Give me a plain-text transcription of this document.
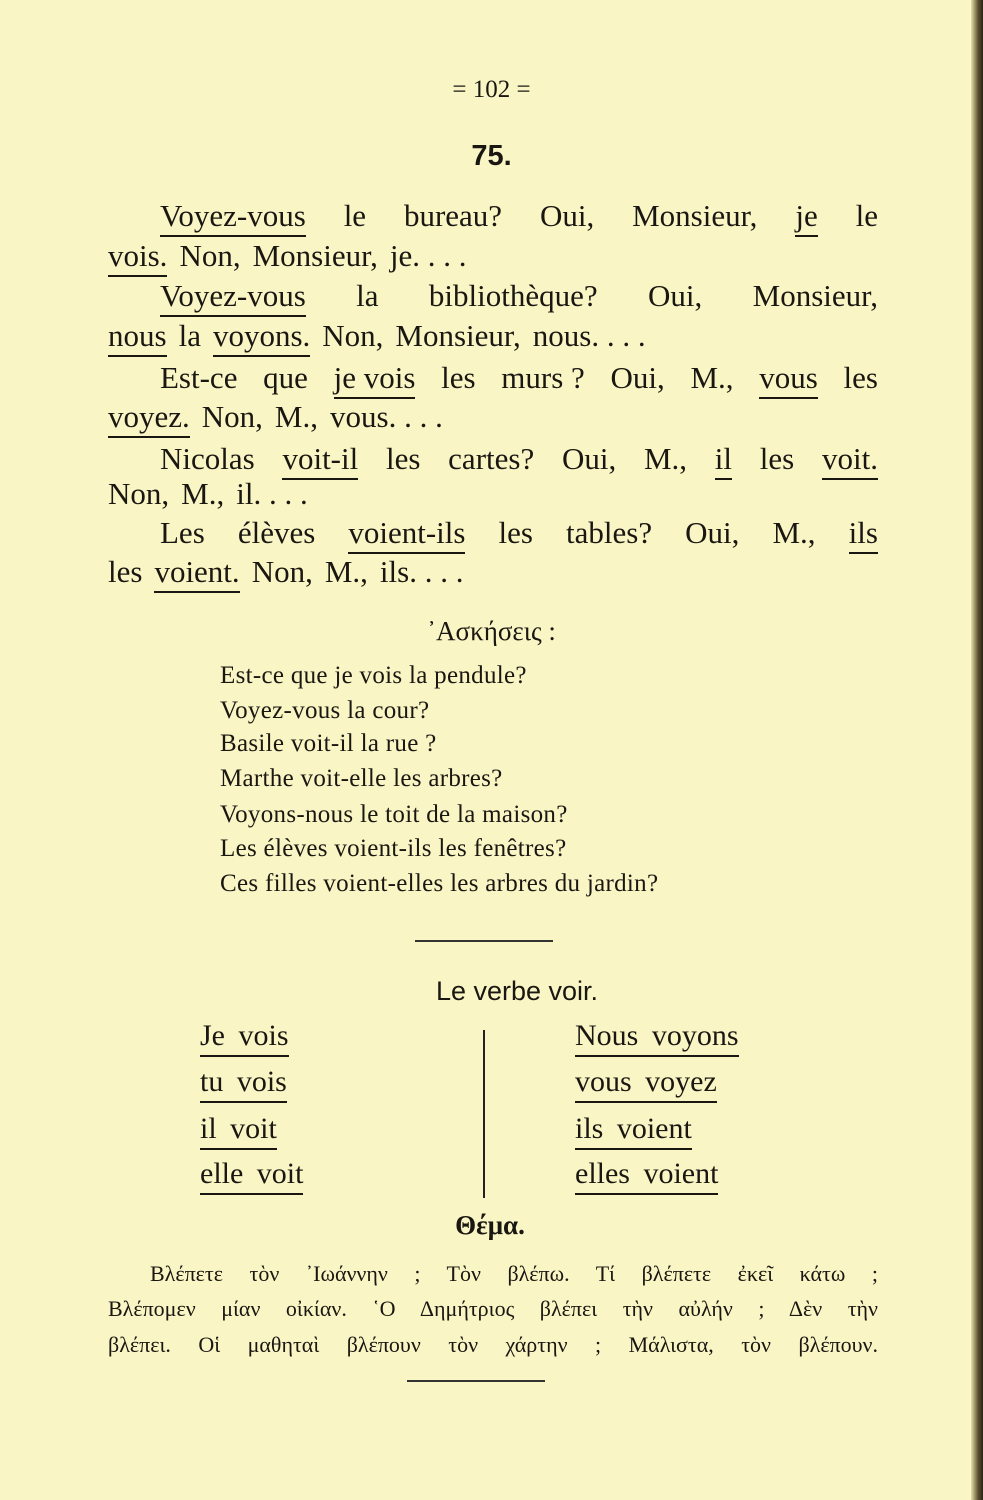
= 102 =
75.
Voyez-vous le bureau? Oui, Monsieur, je le
vois. Non, Monsieur, je. . . .
Voyez-vous la bibliothèque? Oui, Monsieur,
nous la voyons. Non, Monsieur, nous. . . .
Est-ce que je vois les murs ? Oui, M., vous les
voyez. Non, M., vous. . . .
Nicolas voit-il les cartes? Oui, M., il les voit.
Non, M., il. . . .
Les élèves voient-ils les tables? Oui, M., ils
les voient. Non, M., ils. . . .
᾿Ασκήσεις :
Est-ce que je vois la pendule?
Voyez-vous la cour?
Basile voit-il la rue ?
Marthe voit-elle les arbres?
Voyons-nous le toit de la maison?
Les élèves voient-ils les fenêtres?
Ces filles voient-elles les arbres du jardin?
Le verbe voir.
Je vois
tu vois
il voit
elle voit
Nous voyons
vous voyez
ils voient
elles voient
Θέμα.
Βλέπετε τὸν ᾿Ιωάννην ; Τὸν βλέπω. Τί βλέπετε ἐκεῖ κάτω ;
Βλέπομεν μίαν οἰκίαν. ῾Ο Δημήτριος βλέπει τὴν αὐλήν ; Δὲν τὴν
βλέπει. Οἱ μαθηταὶ βλέπουν τὸν χάρτην ; Μάλιστα, τὸν βλέπουν.
